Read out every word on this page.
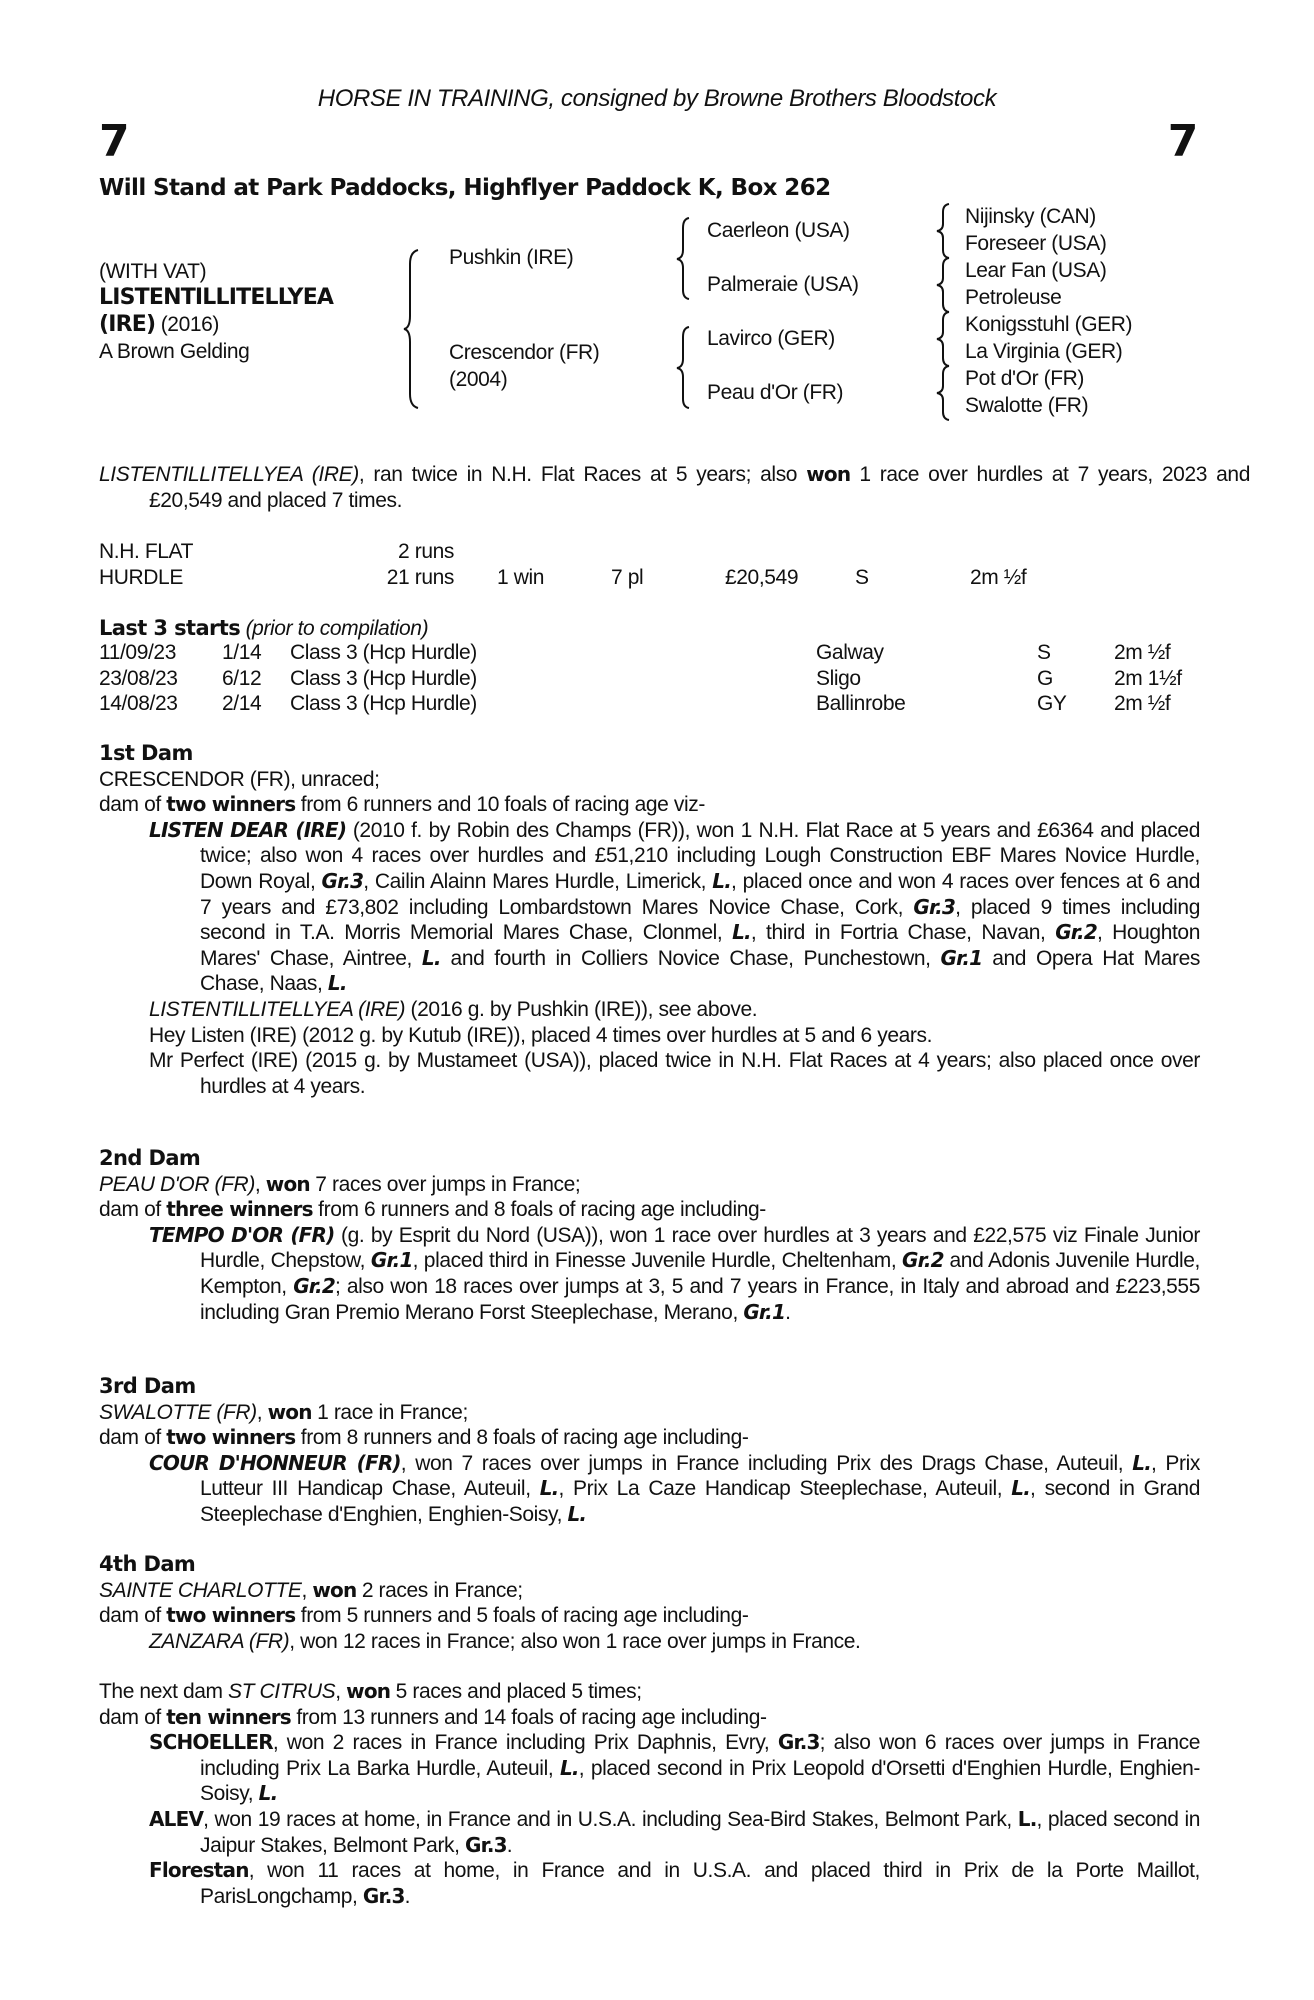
HORSE IN TRAINING, consigned by Browne Brothers Bloodstock
7	7
Will Stand at Park Paddocks, Highflyer Paddock K, Box 262
(WITH VAT)
LISTENTILLITELLYEA
(IRE) (2016)
A Brown Gelding
Pushkin (IRE)
Crescendor (FR)
(2004)
Caerleon (USA)
Palmeraie (USA)
Lavirco (GER)
Peau d'Or (FR)
Nijinsky (CAN)
Foreseer (USA)
Lear Fan (USA)
Petroleuse
Konigsstuhl (GER)
La Virginia (GER)
Pot d'Or (FR)
Swalotte (FR)
LISTENTILLITELLYEA (IRE), ran twice in N.H. Flat Races at 5 years; also won 1 race over hurdles at 7 years, 2023 and £20,549 and placed 7 times.
N.H. FLAT	2 runs
HURDLE	21 runs 1 win	7 pl	£20,549	S	2m ½f
Last 3 starts (prior to compilation)
11/09/23 1/14 Class 3 (Hcp Hurdle)	Galway	S	2m ½f
23/08/23 6/12 Class 3 (Hcp Hurdle)	Sligo	G	2m 1½f
14/08/23 2/14 Class 3 (Hcp Hurdle)	Ballinrobe	GY 2m ½f
1st Dam
CRESCENDOR (FR), unraced;
dam of two winners from 6 runners and 10 foals of racing age viz-
LISTEN DEAR (IRE) (2010 f. by Robin des Champs (FR)), won 1 N.H. Flat Race at 5 years and £6364 and placed twice; also won 4 races over hurdles and £51,210 including Lough Construction EBF Mares Novice Hurdle, Down Royal, Gr.3, Cailin Alainn Mares Hurdle, Limerick, L., placed once and won 4 races over fences at 6 and 7 years and £73,802 including Lombardstown Mares Novice Chase, Cork, Gr.3, placed 9 times including second in T.A. Morris Memorial Mares Chase, Clonmel, L., third in Fortria Chase, Navan, Gr.2, Houghton Mares' Chase, Aintree, L. and fourth in Colliers Novice Chase, Punchestown, Gr.1 and Opera Hat Mares Chase, Naas, L.
LISTENTILLITELLYEA (IRE) (2016 g. by Pushkin (IRE)), see above.
Hey Listen (IRE) (2012 g. by Kutub (IRE)), placed 4 times over hurdles at 5 and 6 years.
Mr Perfect (IRE) (2015 g. by Mustameet (USA)), placed twice in N.H. Flat Races at 4 years; also placed once over hurdles at 4 years.
2nd Dam
PEAU D'OR (FR), won 7 races over jumps in France;
dam of three winners from 6 runners and 8 foals of racing age including-
TEMPO D'OR (FR) (g. by Esprit du Nord (USA)), won 1 race over hurdles at 3 years and £22,575 viz Finale Junior Hurdle, Chepstow, Gr.1, placed third in Finesse Juvenile Hurdle, Cheltenham, Gr.2 and Adonis Juvenile Hurdle, Kempton, Gr.2; also won 18 races over jumps at 3, 5 and 7 years in France, in Italy and abroad and £223,555 including Gran Premio Merano Forst Steeplechase, Merano, Gr.1.
3rd Dam
SWALOTTE (FR), won 1 race in France;
dam of two winners from 8 runners and 8 foals of racing age including-
COUR D'HONNEUR (FR), won 7 races over jumps in France including Prix des Drags Chase, Auteuil, L., Prix Lutteur III Handicap Chase, Auteuil, L., Prix La Caze Handicap Steeplechase, Auteuil, L., second in Grand Steeplechase d'Enghien, Enghien-Soisy, L.
4th Dam
SAINTE CHARLOTTE, won 2 races in France;
dam of two winners from 5 runners and 5 foals of racing age including-
ZANZARA (FR), won 12 races in France; also won 1 race over jumps in France.
The next dam ST CITRUS, won 5 races and placed 5 times;
dam of ten winners from 13 runners and 14 foals of racing age including-
SCHOELLER, won 2 races in France including Prix Daphnis, Evry, Gr.3; also won 6 races over jumps in France including Prix La Barka Hurdle, Auteuil, L., placed second in Prix Leopold d'Orsetti d'Enghien Hurdle, Enghien-Soisy, L.
ALEV, won 19 races at home, in France and in U.S.A. including Sea-Bird Stakes, Belmont Park, L., placed second in Jaipur Stakes, Belmont Park, Gr.3.
Florestan, won 11 races at home, in France and in U.S.A. and placed third in Prix de la Porte Maillot, ParisLongchamp, Gr.3.
